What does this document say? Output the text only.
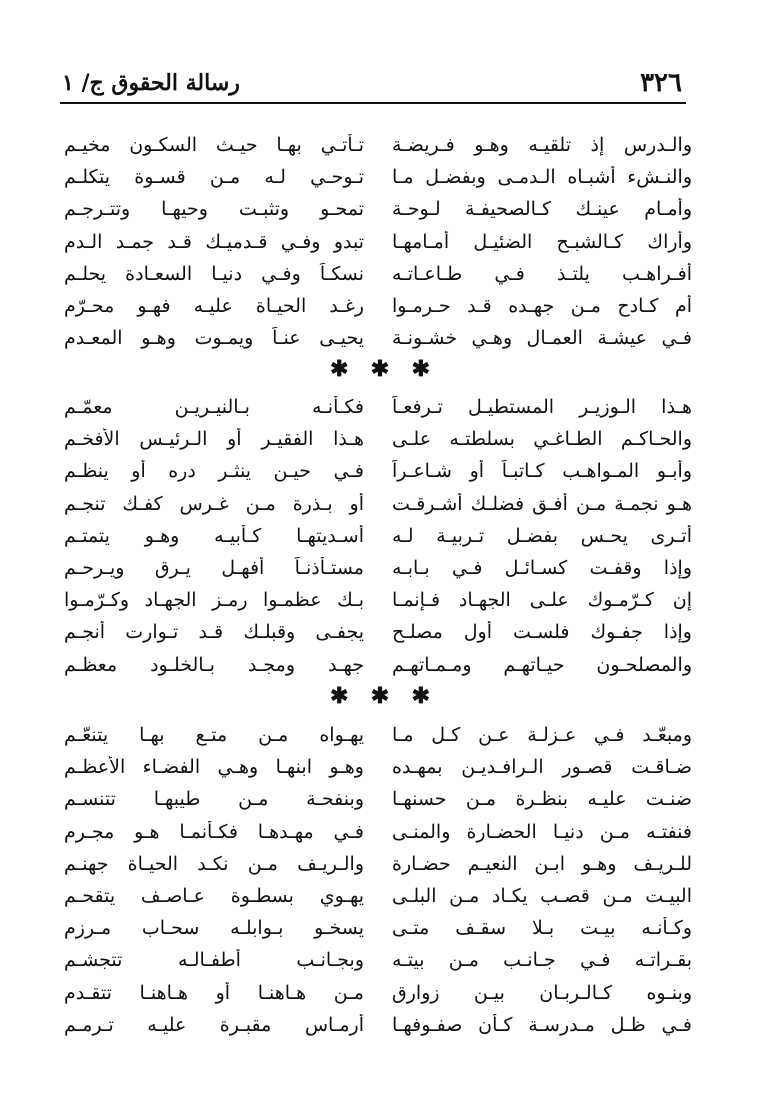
٣٢٦
رسالة الحقوق ج/ ١
والـدرس إذ تلقيـه وهـو فـريضـة
تـأتـي بهـا حيـث السكـون مخيـم
والنـشء أشبـاه الـدمـى وبفضـل مـا
تـوحـي لـه مـن قسـوة يتكلـم
وأمـام عينـك كـالصحيفـة لـوحـة
تمحـو وتثبـت وحيهـا وتتـرجـم
وأراك كـالشبـح الضئيـل أمـامهـا
تبدو وفـي قـدميـك قـد جمـد الـدم
أفـراهـب يلتـذ فـي طـاعـاتـه
نسكـاً وفـي دنيـا السعـادة يحلـم
أم كـادح مـن جهـده قـد حـرمـوا
رغـد الحيـاة عليـه فهـو محـرّم
فـي عيشـة العمـال وهـي خشـونـة
يحيـى عنـاً ويمـوت وهـو المعـدم
✱ ✱ ✱
هـذا الـوزيـر المستطيـل تـرفعـاً
فكـأنـه بـالنيـريـن معمّـم
والحـاكـم الطـاغـي بسلطتـه علـى
هـذا الفقيـر أو الـرئيـس الأفخـم
وأبـو المـواهـب كـاتبـاً أو شـاعـراً
فـي حيـن ينثـر دره أو ينظـم
هـو نجمـة مـن أفـق فضلـك أشـرقـت
أو بـذرة مـن غـرس كفـك تنجـم
أتـرى يحـس بفضـل تـربيـة لـه
أسـديتهـا كـأبيـه وهـو يتمتـم
وإذا وقفـت كسـائـل فـي بـابـه
مستـأذنـاً أفهـل يـرق ويـرحـم
إن كـرّمـوك علـى الجهـاد فـإنمـا
بـك عظمـوا رمـز الجهـاد وكـرّمـوا
وإذا جفـوك فلسـت أول مصلـح
يجفـى وقبلـك قـد تـوارت أنجـم
والمصلحـون حيـاتهـم ومـمـاتهـم
جهـد ومجـد بـالخلـود معظـم
✱ ✱ ✱
ومبعّـد فـي عـزلـة عـن كـل مـا
يهـواه مـن متـع بهـا يتنعّـم
ضـاقـت قصـور الـرافـديـن بمهـده
وهـو ابنهـا وهـي الفضـاء الأعظـم
ضنـت عليـه بنظـرة مـن حسنهـا
وبنفحـة مـن طيبهـا تتنسـم
فنفتـه مـن دنيـا الحضـارة والمنـى
فـي مهـدهـا فكـأنمـا هـو مجـرم
للـريـف وهـو ابـن النعيـم حضـارة
والـريـف مـن نكـد الحيـاة جهنـم
البيـت مـن قصـب يكـاد مـن البلـى
يهـوي بسطـوة عـاصـف يتقحـم
وكـأنـه بيـت بـلا سقـف متـى
يسخـو بـوابلـه سحـاب مـرزم
بقـراتـه فـي جـانـب مـن بيتـه
وبجـانـب أطفـالـه تتجشـم
وبنـوه كـالـربـان بيـن زوارق
مـن هـاهنـا أو هـاهنـا تتقـدم
فـي ظـل مـدرسـة كـأن صفـوفهـا
أرمـاس مقبـرة عليـه تـرمـم
